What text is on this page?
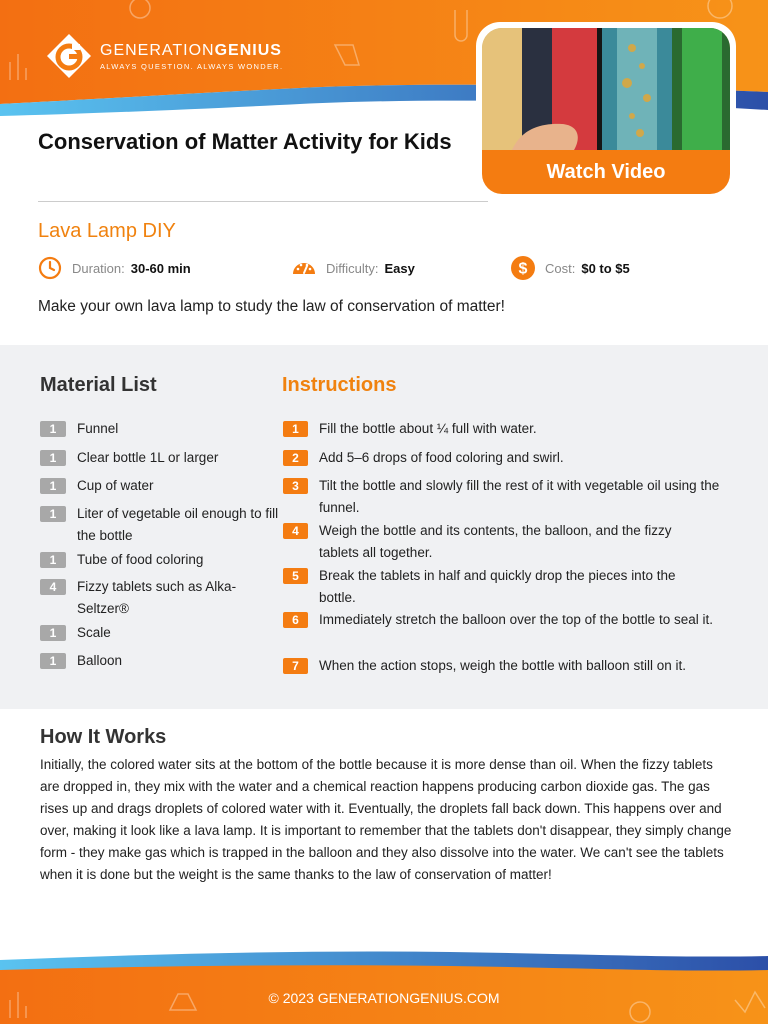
GENERATIONGENIUS
ALWAYS QUESTION. ALWAYS WONDER.
Watch Video
Conservation of Matter Activity for Kids
Lava Lamp DIY
Duration: 30-60 min	Difficulty: Easy	$ Cost: $0 to $5
Make your own lava lamp to study the law of conservation of matter!
Material List	Instructions
1	Funnel
1	Clear bottle 1L or larger
1	Cup of water
1	Liter of vegetable oil enough to fill the bottle
1	Tube of food coloring
4	Fizzy tablets such as Alka-Seltzer®
1	Scale
1	Balloon
1	Fill the bottle about ¼ full with water.
2	Add 5–6 drops of food coloring and swirl.
3	Tilt the bottle and slowly fill the rest of it with vegetable oil using the funnel.
4	Weigh the bottle and its contents, the balloon, and the fizzy tablets all together.
5	Break the tablets in half and quickly drop the pieces into the bottle.
6	Immediately stretch the balloon over the top of the bottle to seal it.
7	When the action stops, weigh the bottle with balloon still on it.
How It Works
Initially, the colored water sits at the bottom of the bottle because it is more dense than oil. When the fizzy tablets are dropped in, they mix with the water and a chemical reaction happens producing carbon dioxide gas. The gas rises up and drags droplets of colored water with it. Eventually, the droplets fall back down. This happens over and over, making it look like a lava lamp. It is important to remember that the tablets don't disappear, they simply change form - they make gas which is trapped in the balloon and they also dissolve into the water. We can't see the tablets when it is done but the weight is the same thanks to the law of conservation of matter!
© 2023 GENERATIONGENIUS.COM
